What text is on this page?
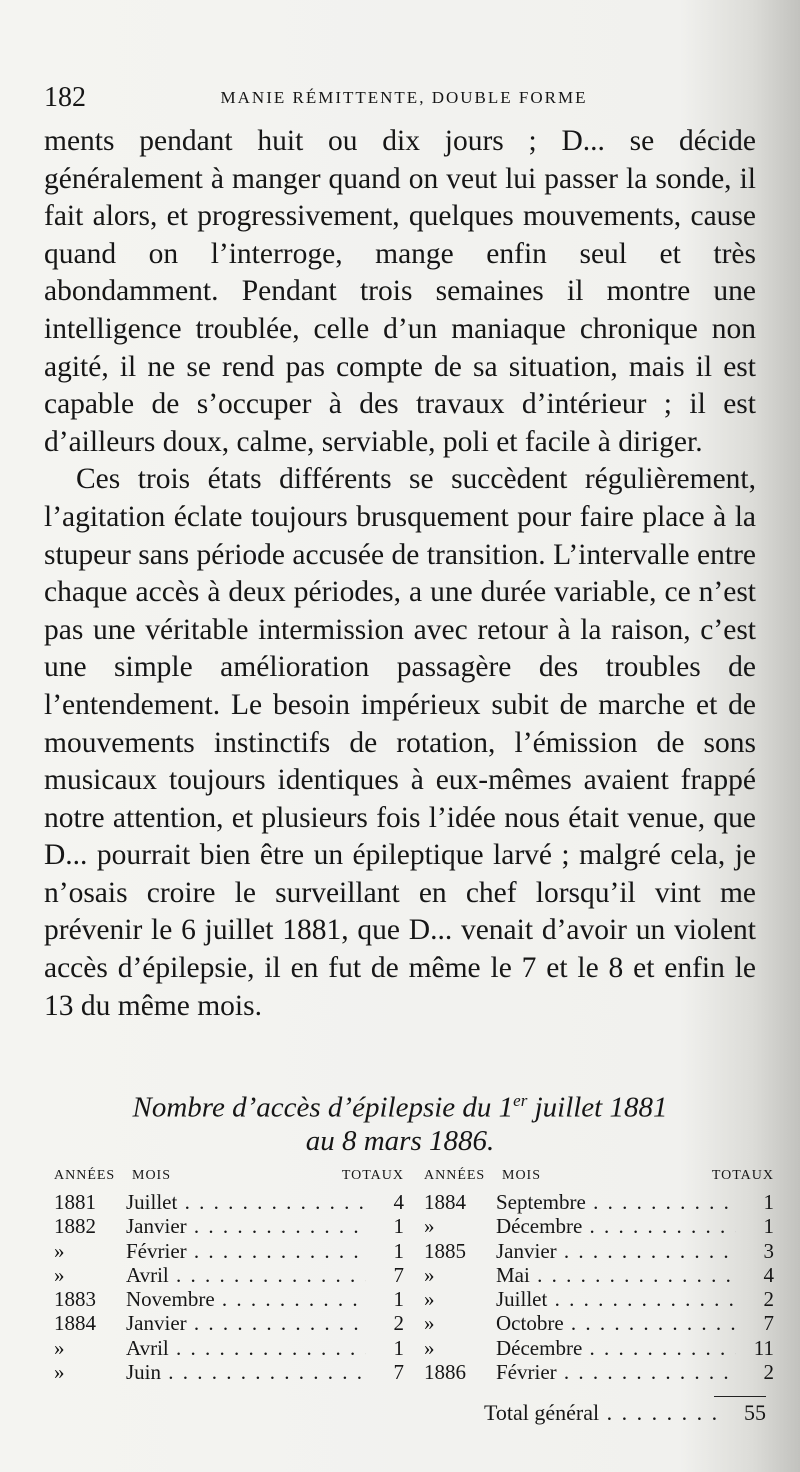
182	MANIE RÉMITTENTE, DOUBLE FORME

ments pendant huit ou dix jours ; D... se décide généralement à manger quand on veut lui passer la sonde, il fait alors, et progressivement, quelques mouvements, cause quand on l’interroge, mange enfin seul et très abondamment. Pendant trois semaines il montre une intelligence troublée, celle d’un maniaque chronique non agité, il ne se rend pas compte de sa situation, mais il est capable de s’occuper à des travaux d’intérieur ; il est d’ailleurs doux, calme, serviable, poli et facile à diriger.

Ces trois états différents se succèdent régulièrement, l’agitation éclate toujours brusquement pour faire place à la stupeur sans période accusée de transition. L’intervalle entre chaque accès à deux périodes, a une durée variable, ce n’est pas une véritable intermission avec retour à la raison, c’est une simple amélioration passagère des troubles de l’entendement. Le besoin impérieux subit de marche et de mouvements instinctifs de rotation, l’émission de sons musicaux toujours identiques à eux-mêmes avaient frappé notre attention, et plusieurs fois l’idée nous était venue, que D... pourrait bien être un épileptique larvé ; malgré cela, je n’osais croire le surveillant en chef lorsqu’il vint me prévenir le 6 juillet 1881, que D... venait d’avoir un violent accès d’épilepsie, il en fut de même le 7 et le 8 et enfin le 13 du même mois.

Nombre d’accès d’épilepsie du 1er juillet 1881
au 8 mars 1886.
ANNÉES MOIS	TOTAUX
1881	Juillet . . .	4
1882	Janvier . . .	1
»	Février . . .	1
»	Avril . . .	7
1883	Novembre . . .	1
1884	Janvier . . .	2
»	Avril . . .	1
»	Juin . . .	7
ANNÉES MOIS	TOTAUX
1884	Septembre . . .	1
»	Décembre . . .	1
1885	Janvier . . .	3
»	Mai . . .	4
»	Juillet . . .	2
»	Octobre . . .	7
»	Décembre . . .	11
1886	Février . . .	2
Total général . . .	55
